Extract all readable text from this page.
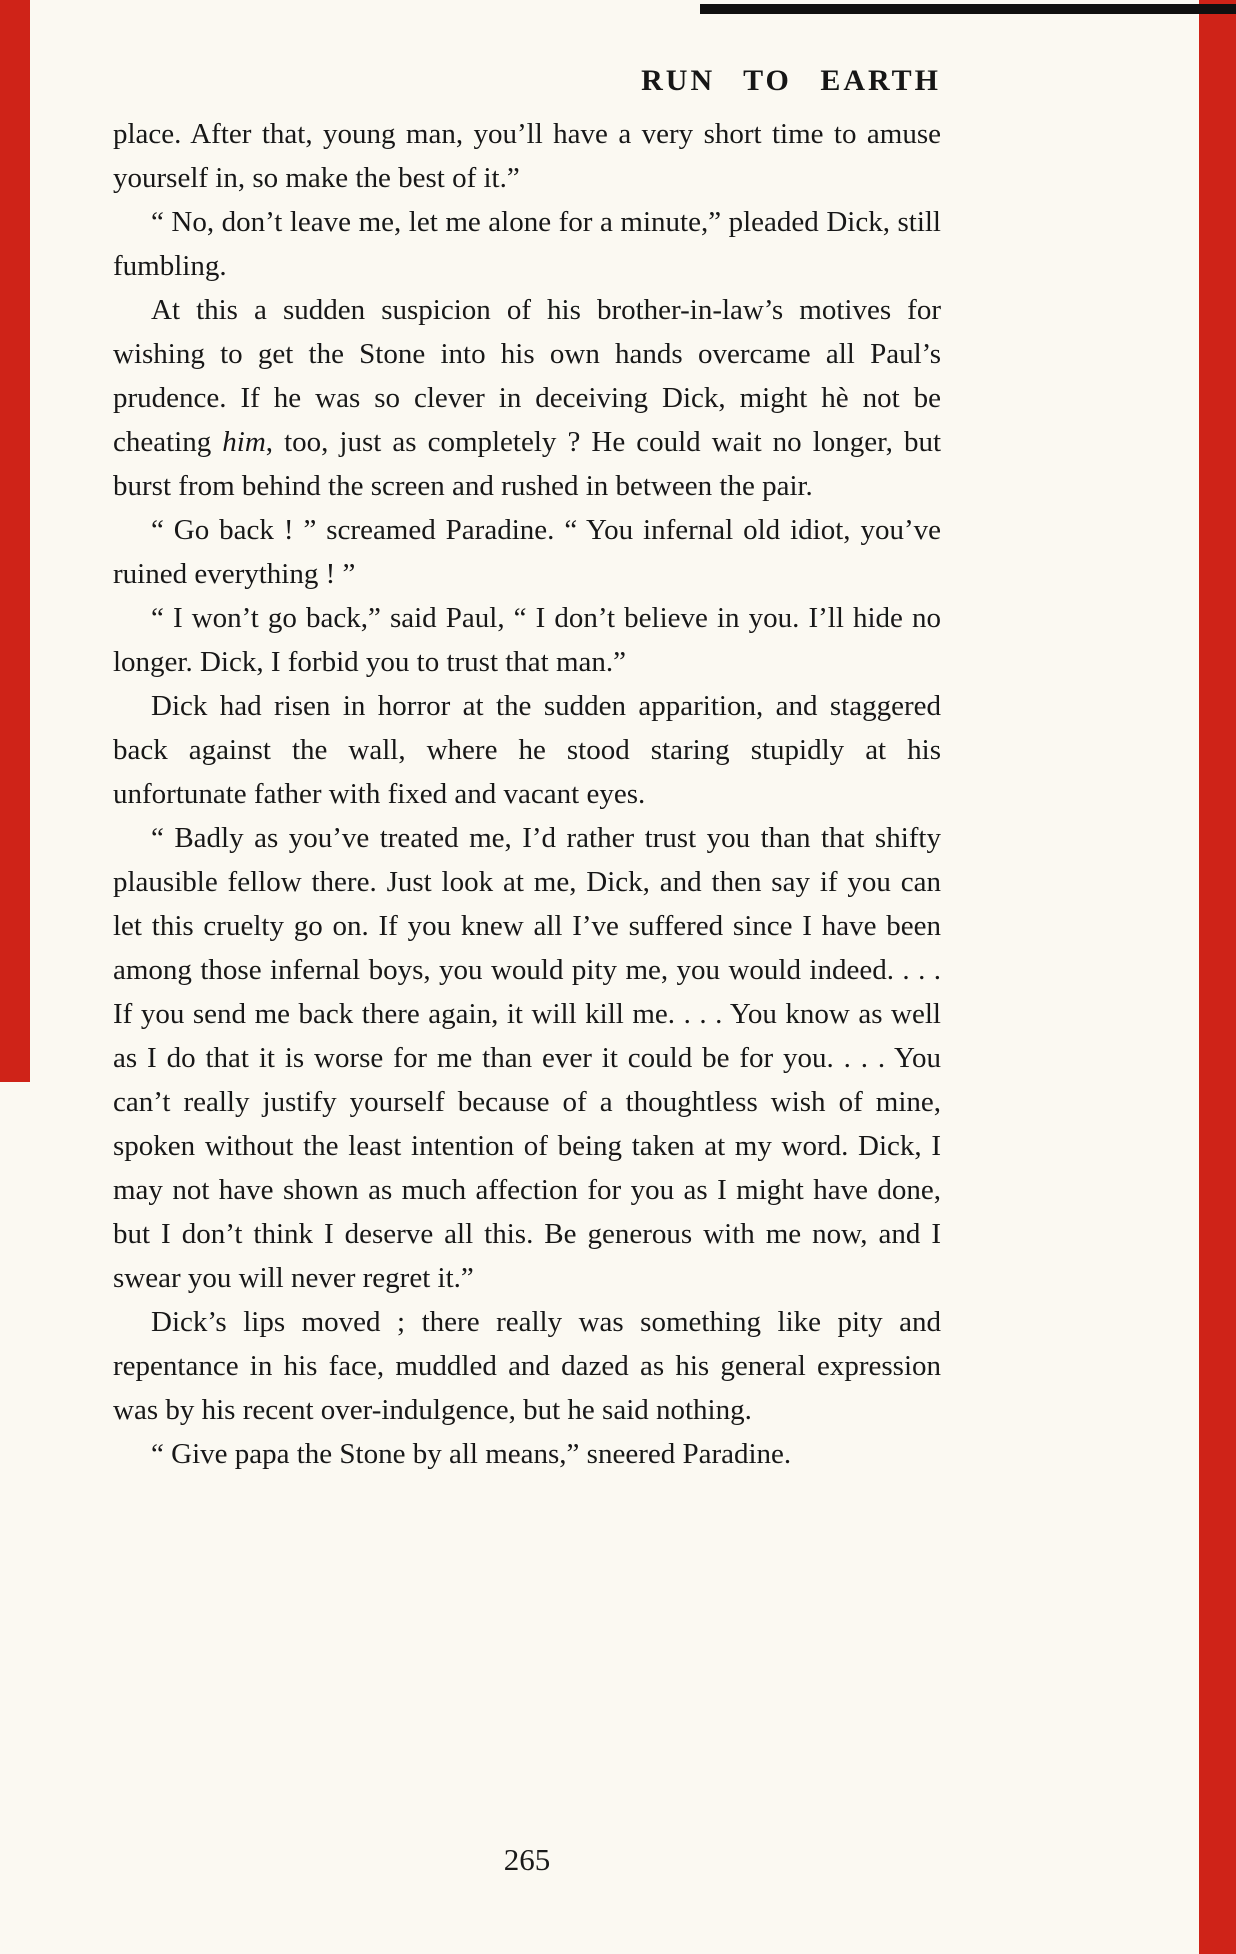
RUN TO EARTH

place. After that, young man, you’ll have a very short time to amuse yourself in, so make the best of it.”

“ No, don’t leave me, let me alone for a minute,” pleaded Dick, still fumbling.

At this a sudden suspicion of his brother-in-law’s motives for wishing to get the Stone into his own hands overcame all Paul’s prudence. If he was so clever in deceiving Dick, might hè not be cheating him, too, just as completely ? He could wait no longer, but burst from behind the screen and rushed in between the pair.

“ Go back ! ” screamed Paradine. “ You infernal old idiot, you’ve ruined everything ! ”

“ I won’t go back,” said Paul, “ I don’t believe in you. I’ll hide no longer. Dick, I forbid you to trust that man.”

Dick had risen in horror at the sudden apparition, and staggered back against the wall, where he stood staring stupidly at his unfortunate father with fixed and vacant eyes.

“ Badly as you’ve treated me, I’d rather trust you than that shifty plausible fellow there. Just look at me, Dick, and then say if you can let this cruelty go on. If you knew all I’ve suffered since I have been among those infernal boys, you would pity me, you would indeed. . . . If you send me back there again, it will kill me. . . . You know as well as I do that it is worse for me than ever it could be for you. . . . You can’t really justify yourself because of a thoughtless wish of mine, spoken without the least intention of being taken at my word. Dick, I may not have shown as much affection for you as I might have done, but I don’t think I deserve all this. Be generous with me now, and I swear you will never regret it.”

Dick’s lips moved ; there really was something like pity and repentance in his face, muddled and dazed as his general expression was by his recent over-indulgence, but he said nothing.

“ Give papa the Stone by all means,” sneered Paradine.

265
